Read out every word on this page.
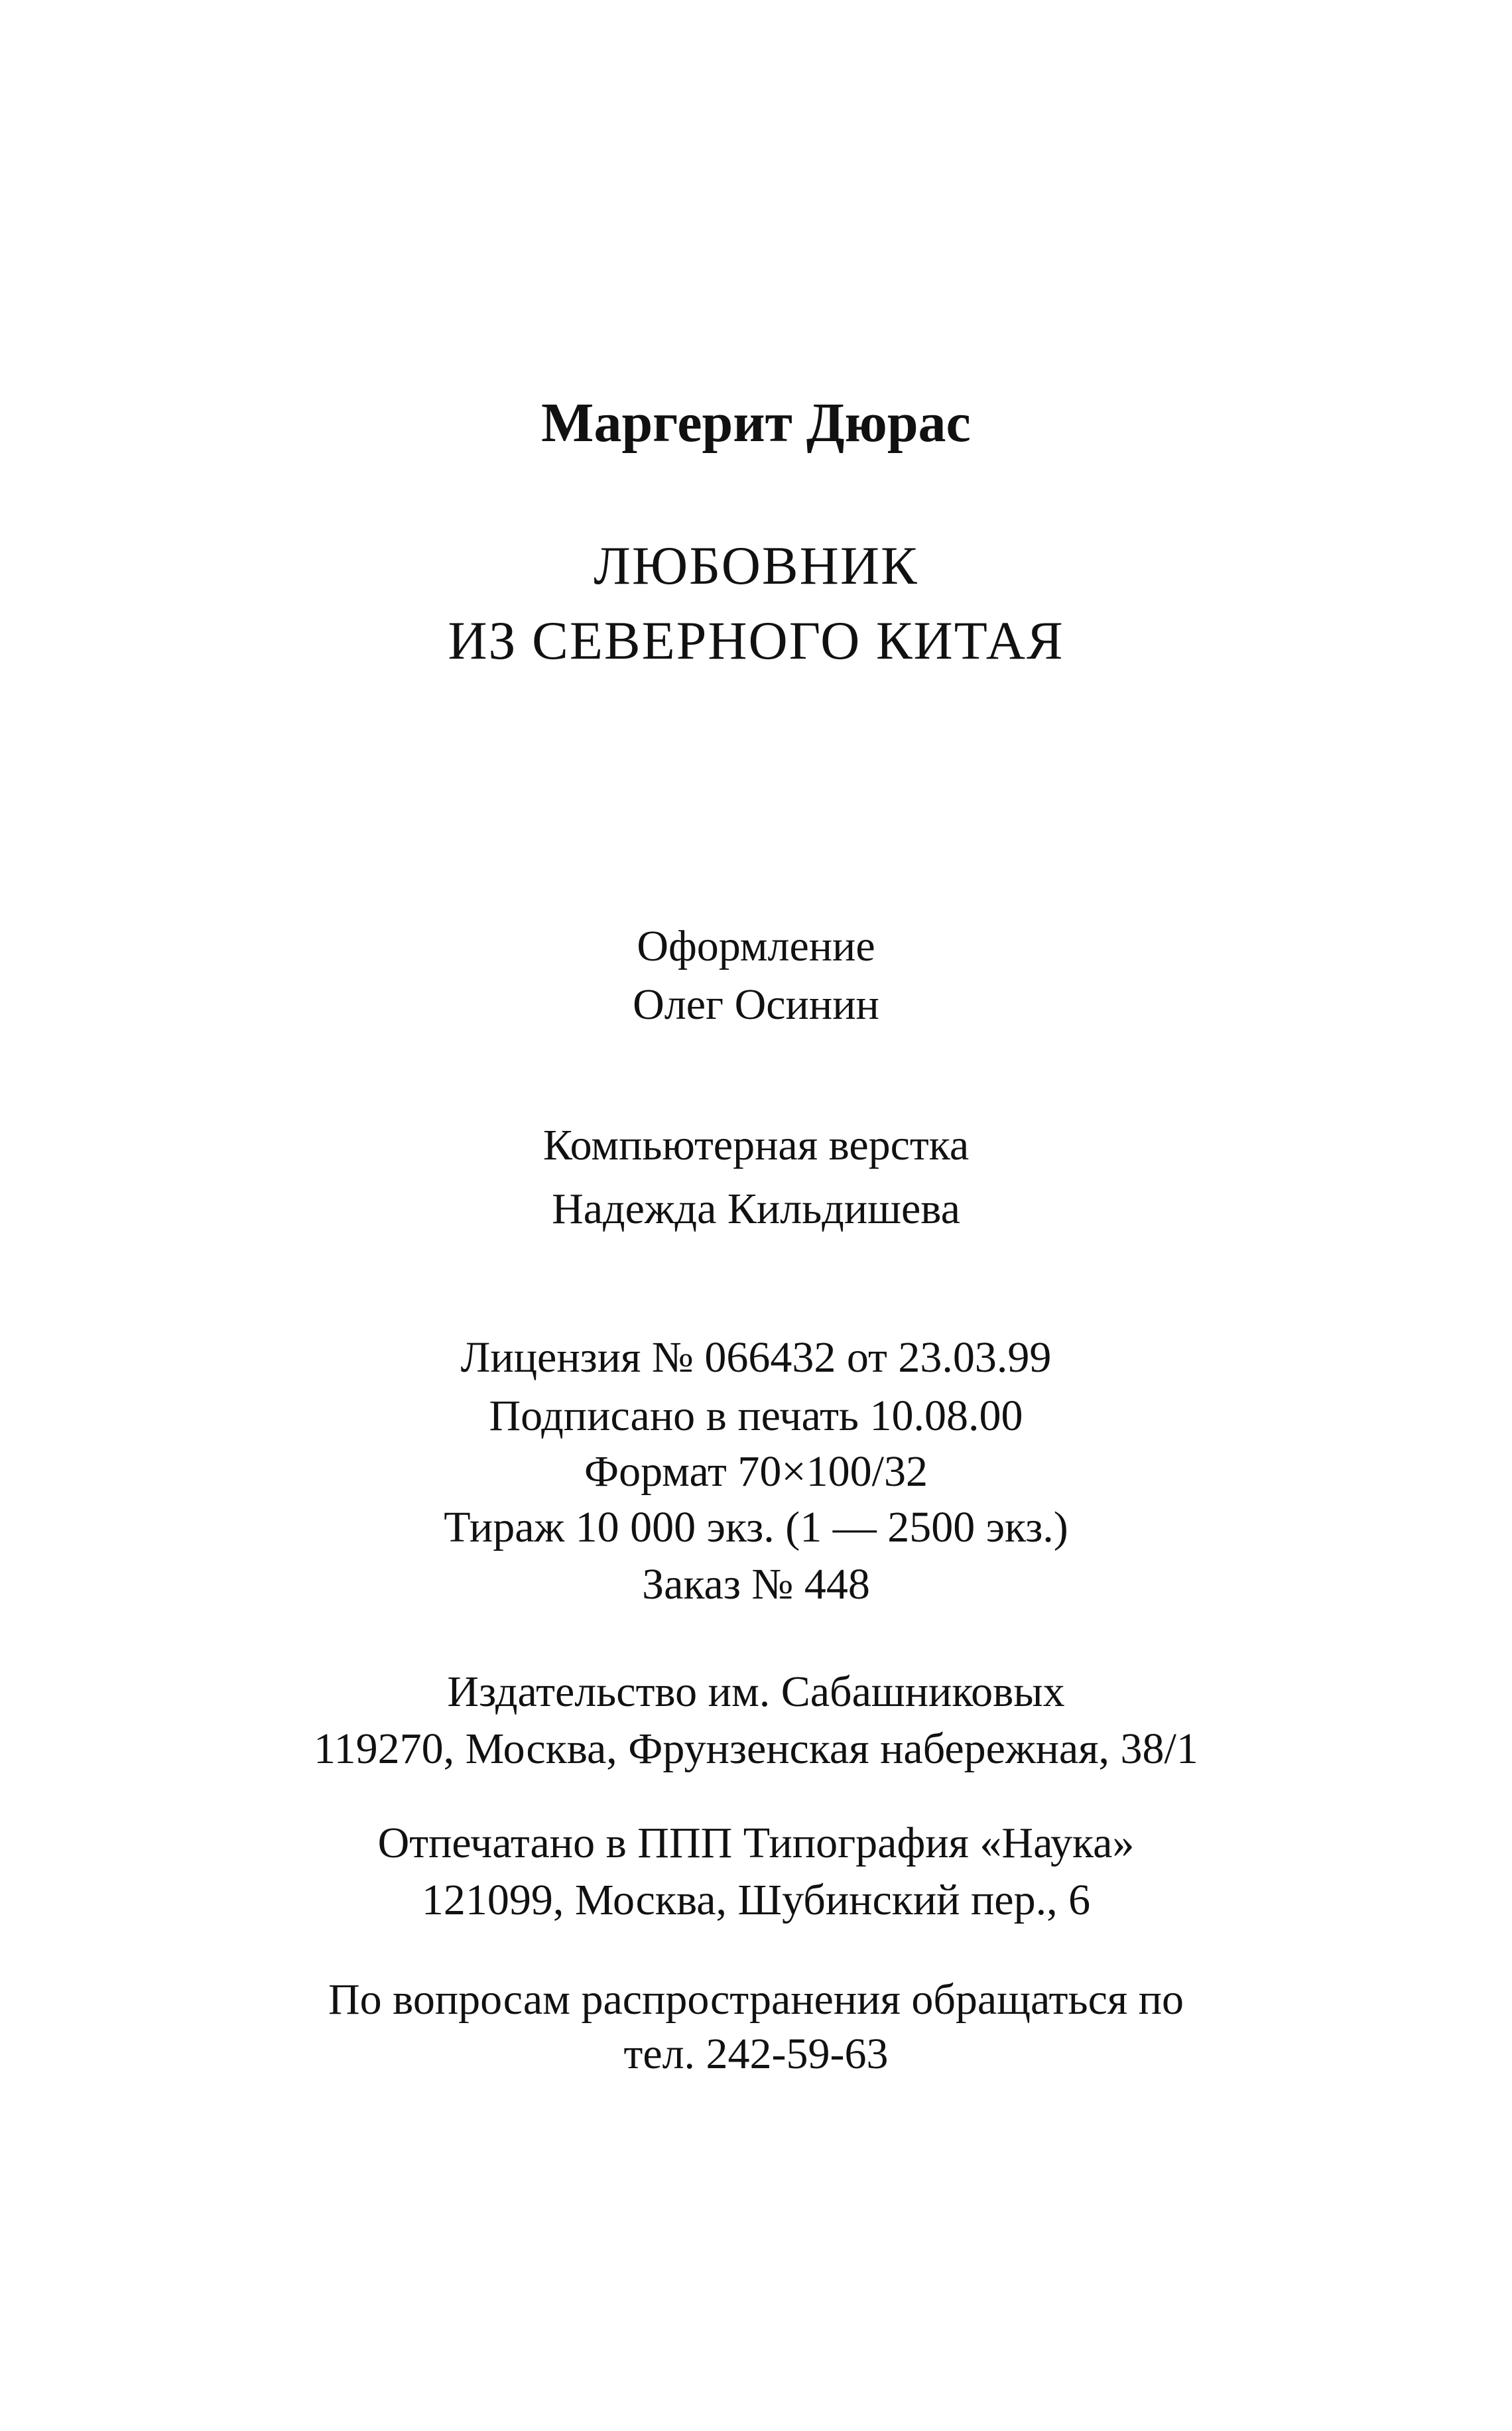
Маргерит Дюрас
ЛЮБОВНИК
ИЗ СЕВЕРНОГО КИТАЯ
Оформление
Олег Осинин
Компьютерная верстка
Надежда Кильдишева
Лицензия № 066432 от 23.03.99
Подписано в печать 10.08.00
Формат 70×100/32
Тираж 10 000 экз. (1 — 2500 экз.)
Заказ № 448
Издательство им. Сабашниковых
119270, Москва, Фрунзенская набережная, 38/1
Отпечатано в ППП Типография «Наука»
121099, Москва, Шубинский пер., 6
По вопросам распространения обращаться по
тел. 242-59-63
